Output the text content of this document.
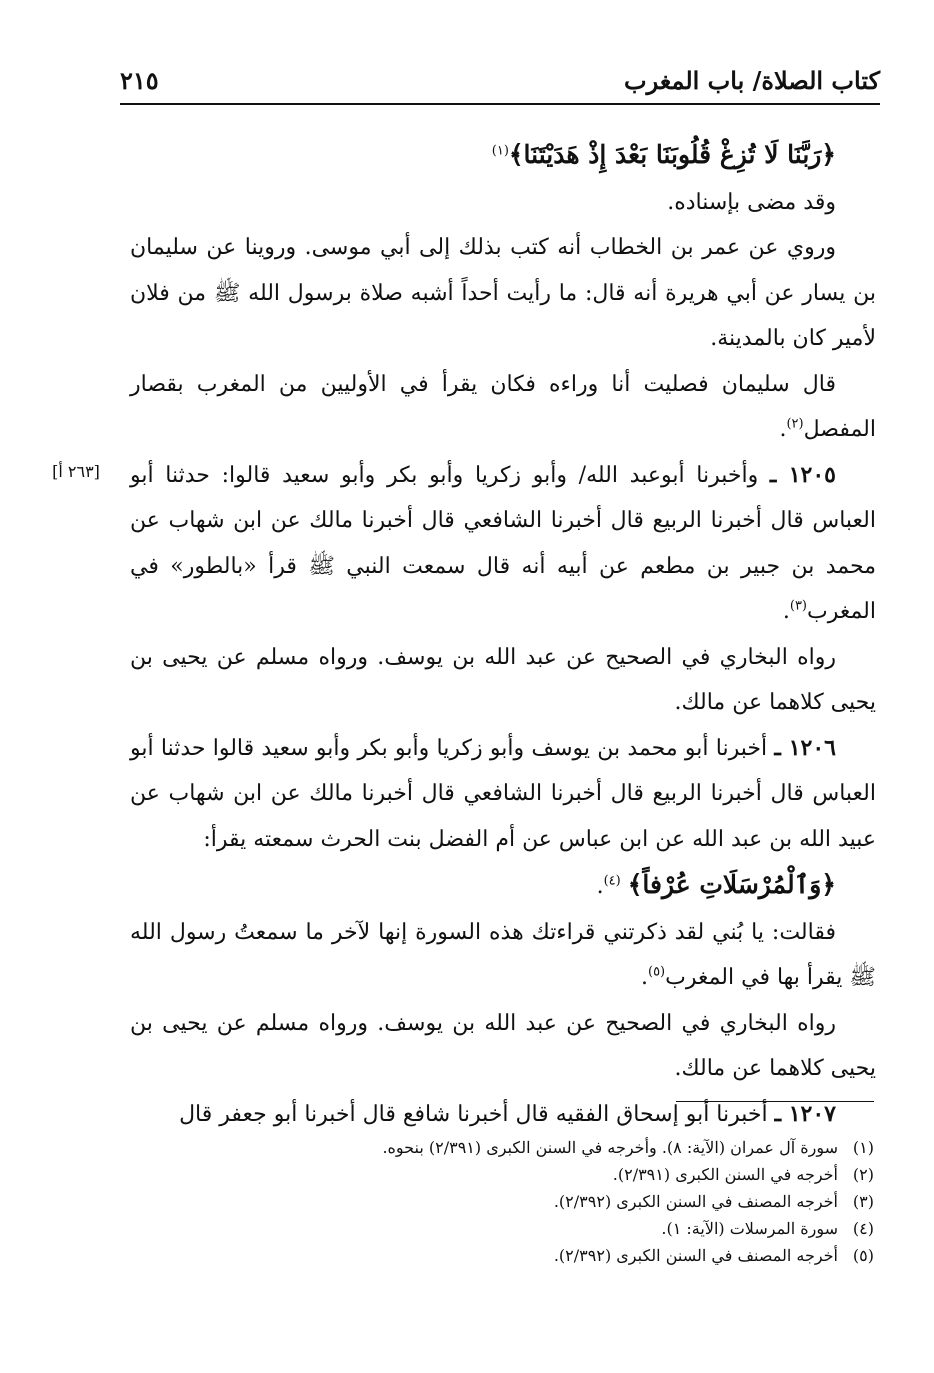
كتاب الصلاة/ باب المغرب
٢١٥
[٢٦٣ أ]

﴿رَبَّنَا لَا تُزِغْ قُلُوبَنَا بَعْدَ إِذْ هَدَيْتَنَا﴾$^{(١)}$

وقد مضى بإسناده.

وروي عن عمر بن الخطاب أنه كتب بذلك إلى أبي موسى. وروينا عن سليمان بن يسار عن أبي هريرة أنه قال: ما رأيت أحداً أشبه صلاة برسول الله ﷺ من فلان لأمير كان بالمدينة.

قال سليمان فصليت أنا وراءه فكان يقرأ في الأوليين من المغرب بقصار المفصل$^{(٢)}$.

١٢٠٥ ـ وأخبرنا أبوعبد الله/ وأبو زكريا وأبو بكر وأبو سعيد قالوا: حدثنا أبو العباس قال أخبرنا الربيع قال أخبرنا الشافعي قال أخبرنا مالك عن ابن شهاب عن محمد بن جبير بن مطعم عن أبيه أنه قال سمعت النبي ﷺ قرأ «بالطور» في المغرب$^{(٣)}$.

رواه البخاري في الصحيح عن عبد الله بن يوسف. ورواه مسلم عن يحيى بن يحيى كلاهما عن مالك.

١٢٠٦ ـ أخبرنا أبو محمد بن يوسف وأبو زكريا وأبو بكر وأبو سعيد قالوا حدثنا أبو العباس قال أخبرنا الربيع قال أخبرنا الشافعي قال أخبرنا مالك عن ابن شهاب عن عبيد الله بن عبد الله عن ابن عباس عن أم الفضل بنت الحرث سمعته يقرأ:

﴿وَٱلْمُرْسَلَاتِ عُرْفاً﴾ $^{(٤)}$.

فقالت: يا بُني لقد ذكرتني قراءتك هذه السورة إنها لآخر ما سمعتُ رسول الله ﷺ يقرأ بها في المغرب$^{(٥)}$.

رواه البخاري في الصحيح عن عبد الله بن يوسف. ورواه مسلم عن يحيى بن يحيى كلاهما عن مالك.

١٢٠٧ ـ أخبرنا أبو إسحاق الفقيه قال أخبرنا شافع قال أخبرنا أبو جعفر قال

(١)سورة آل عمران (الآية: ٨). وأخرجه في السنن الكبرى (٢/٣٩١) بنحوه.
(٢)أخرجه في السنن الكبرى (٢/٣٩١).
(٣)أخرجه المصنف في السنن الكبرى (٢/٣٩٢).
(٤)سورة المرسلات (الآية: ١).
(٥)أخرجه المصنف في السنن الكبرى (٢/٣٩٢).
